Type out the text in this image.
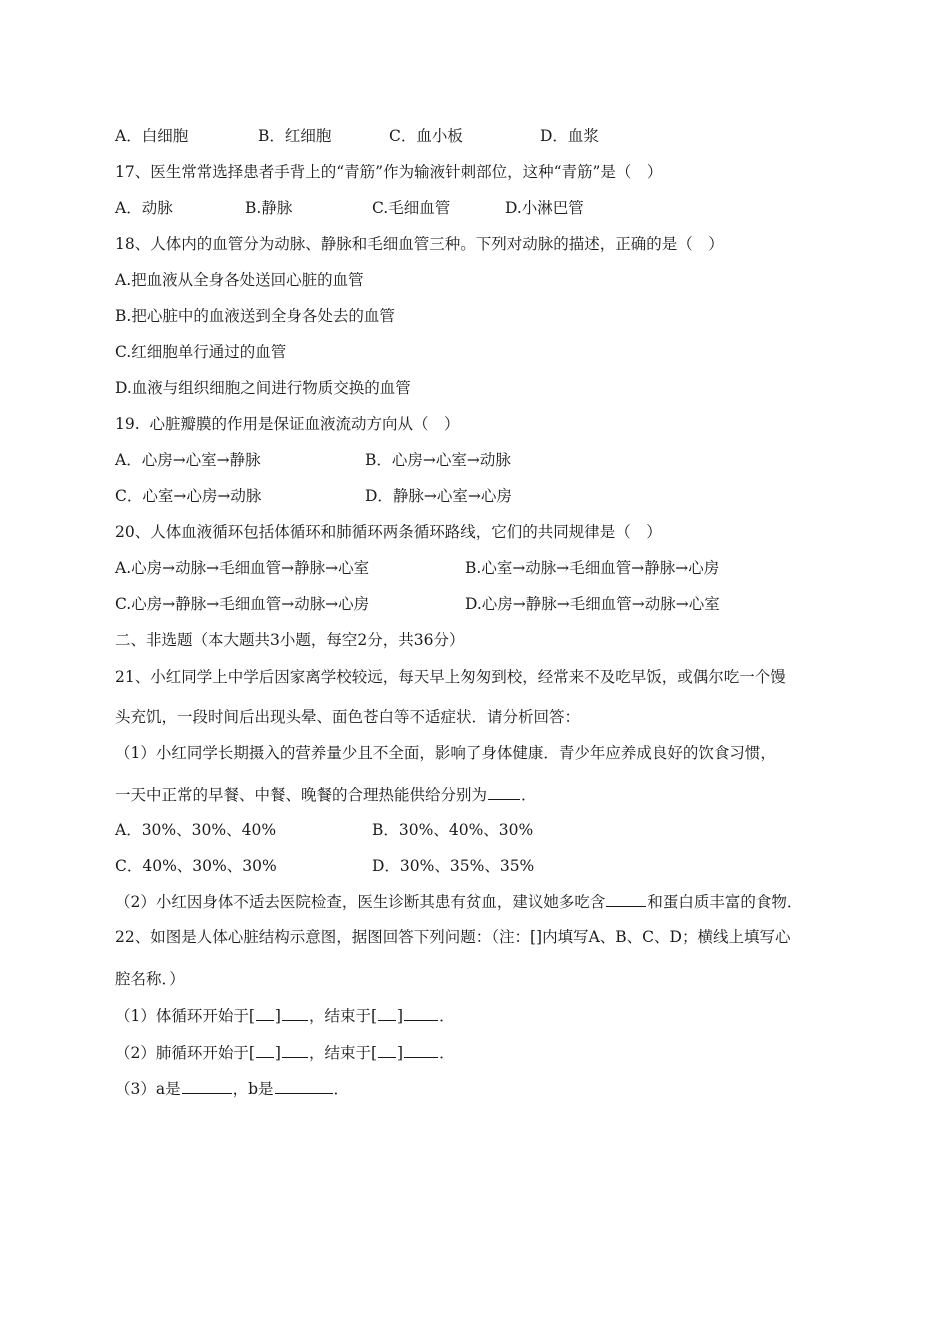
A．白细胞	B．红细胞	C．血小板	D．血浆
17、医生常常选择患者手背上的“青筋”作为输液针刺部位，这种“青筋”是（　）
A．动脉	B.静脉	C.毛细血管	D.小淋巴管
18、人体内的血管分为动脉、静脉和毛细血管三种。下列对动脉的描述，正确的是（　）
A.把血液从全身各处送回心脏的血管
B.把心脏中的血液送到全身各处去的血管
C.红细胞单行通过的血管
D.血液与组织细胞之间进行物质交换的血管
19.  心脏瓣膜的作用是保证血液流动方向从（　）
A．心房→心室→静脉	B．心房→心室→动脉
C．心室→心房→动脉	D．静脉→心室→心房
20、人体血液循环包括体循环和肺循环两条循环路线，它们的共同规律是（　）
A.心房→动脉→毛细血管→静脉→心室	B.心室→动脉→毛细血管→静脉→心房
C.心房→静脉→毛细血管→动脉→心房	D.心房→静脉→毛细血管→动脉→心室
二、非选题（本大题共3小题，每空2分，共36分）
21、小红同学上中学后因家离学校较远，每天早上匆匆到校，经常来不及吃早饭，或偶尔吃一个馒
头充饥，一段时间后出现头晕、面色苍白等不适症状．请分析回答：
（1）小红同学长期摄入的营养量少且不全面，影响了身体健康．青少年应养成良好的饮食习惯，
一天中正常的早餐、中餐、晚餐的合理热能供给分别为 ．
A．30%、30%、40%	B．30%、40%、30%
C．40%、30%、30%	D．30%、35%、35%
（2）小红因身体不适去医院检查，医生诊断其患有贫血，建议她多吃含	和蛋白质丰富的食物．
22、如图是人体心脏结构示意图，据图回答下列问题：（注：[]内填写A、B、C、D；横线上填写心
腔名称．）
（1）体循环开始于[ ] ，结束于[ ] ．
（2）肺循环开始于[ ] ，结束于[ ] ．
（3）a是	，b是	．
